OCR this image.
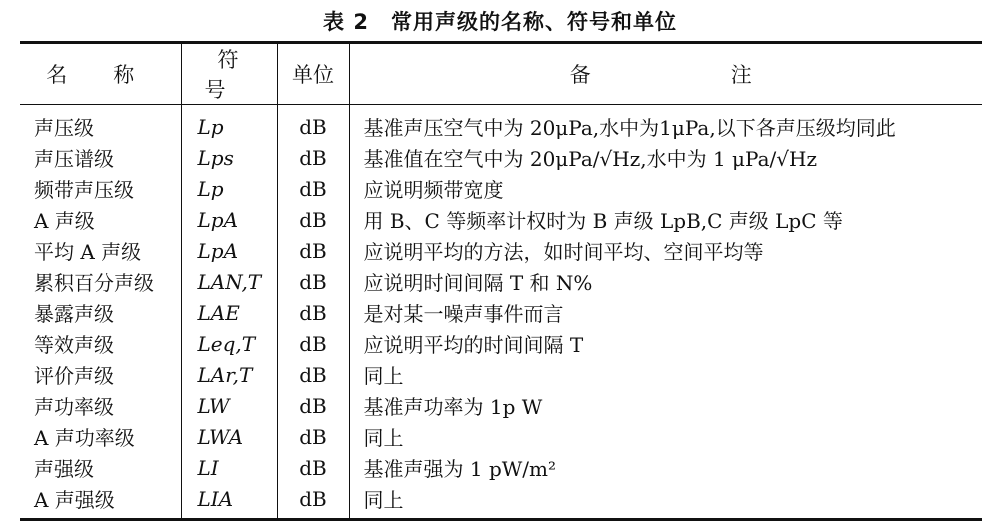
表 2 常用声级的名称、符号和单位
名称	符号	单位	备注
声压级	Lp	dB	基准声压空气中为 20μPa,水中为1μPa,以下各声压级均同此
声压谱级	Lps	dB	基准值在空气中为 20μPa/√Hz,水中为 1 μPa/√Hz
频带声压级	Lp	dB	应说明频带宽度
A 声级	LpA	dB	用 B、C 等频率计权时为 B 声级 LpB,C 声级 LpC 等
平均 A 声级	LpA	dB	应说明平均的方法，如时间平均、空间平均等
累积百分声级	LAN,T	dB	应说明时间间隔 T 和 N%
暴露声级	LAE	dB	是对某一噪声事件而言
等效声级	Leq,T	dB	应说明平均的时间间隔 T
评价声级	LAr,T	dB	同上
声功率级	LW	dB	基准声功率为 1p W
A 声功率级	LWA	dB	同上
声强级	LI	dB	基准声强为 1 pW/m²
A 声强级	LIA	dB	同上
